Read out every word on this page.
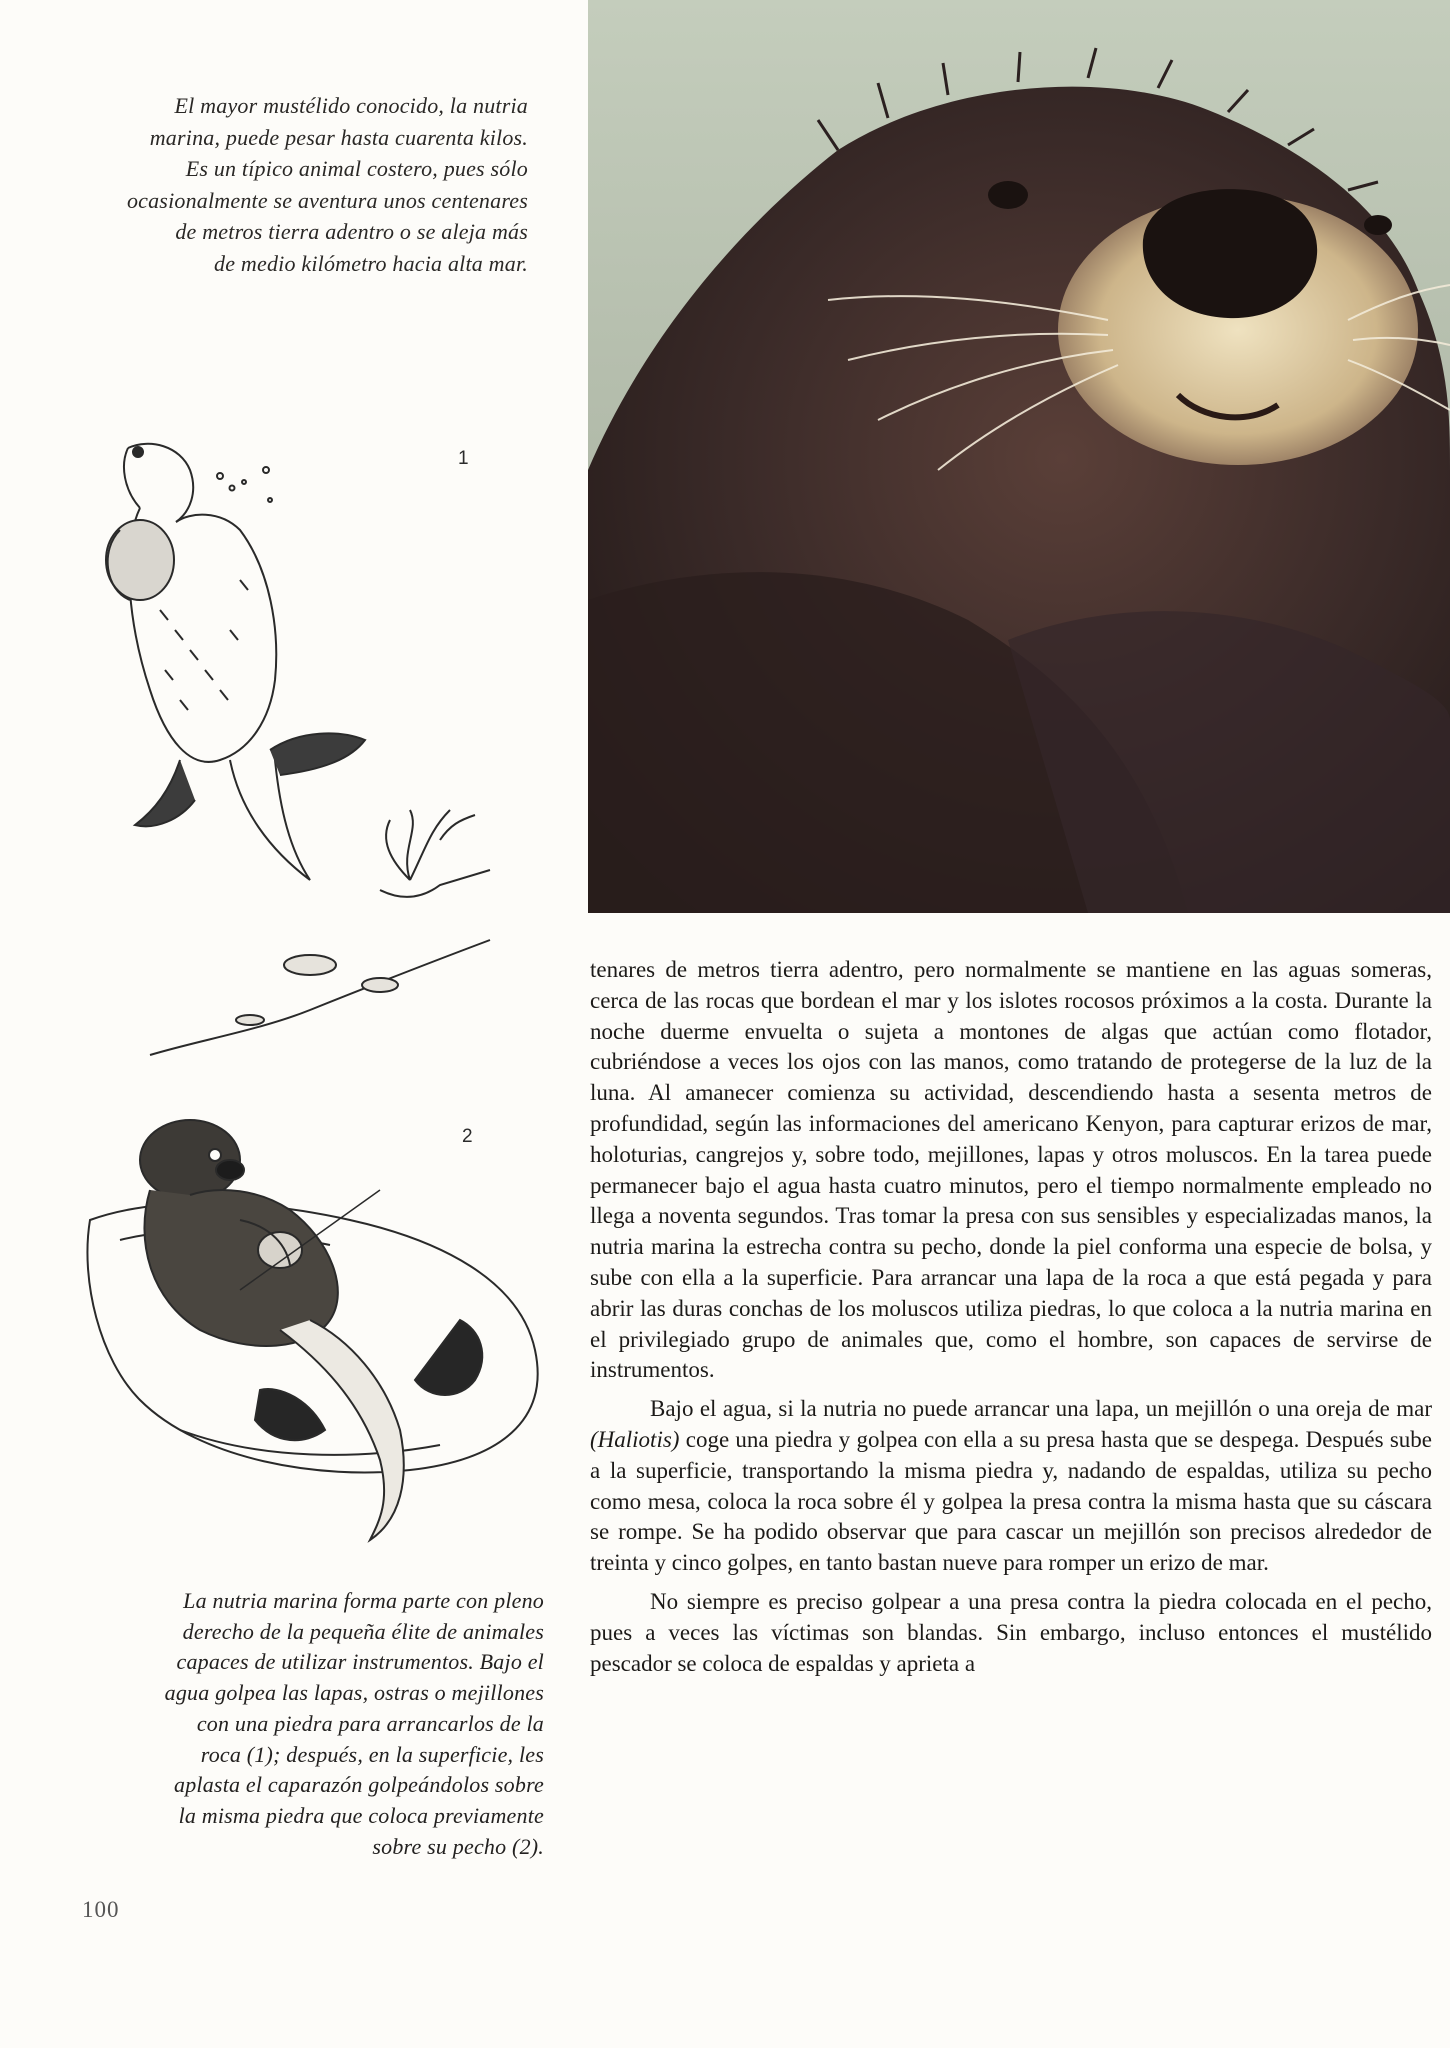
El mayor mustélido conocido, la nutria
marina, puede pesar hasta cuarenta kilos.
Es un típico animal costero, pues sólo
ocasionalmente se aventura unos centenares
de metros tierra adentro o se aleja más
de medio kilómetro hacia alta mar.
1
2
La nutria marina forma parte con pleno
derecho de la pequeña élite de animales
capaces de utilizar instrumentos. Bajo el
agua golpea las lapas, ostras o mejillones
con una piedra para arrancarlos de la
roca (1); después, en la superficie, les
aplasta el caparazón golpeándolos sobre
la misma piedra que coloca previamente
sobre su pecho (2).

tenares de metros tierra adentro, pero normalmente se mantiene en las aguas someras, cerca de las rocas que bordean el mar y los islotes rocosos próximos a la costa. Durante la noche duerme envuelta o sujeta a montones de algas que actúan como flotador, cubriéndose a veces los ojos con las manos, como tratando de protegerse de la luz de la luna. Al amanecer comienza su actividad, descendiendo hasta a sesenta metros de profundidad, según las informaciones del americano Kenyon, para capturar erizos de mar, holoturias, cangrejos y, sobre todo, mejillones, lapas y otros moluscos. En la tarea puede permanecer bajo el agua hasta cuatro minutos, pero el tiempo normalmente empleado no llega a noventa segundos. Tras tomar la presa con sus sensibles y especializadas manos, la nutria marina la estrecha contra su pecho, donde la piel conforma una especie de bolsa, y sube con ella a la superficie. Para arrancar una lapa de la roca a que está pegada y para abrir las duras conchas de los moluscos utiliza piedras, lo que coloca a la nutria marina en el privilegiado grupo de animales que, como el hombre, son capaces de servirse de instrumentos.

Bajo el agua, si la nutria no puede arrancar una lapa, un mejillón o una oreja de mar (Haliotis) coge una piedra y golpea con ella a su presa hasta que se despega. Después sube a la superficie, transportando la misma piedra y, nadando de espaldas, utiliza su pecho como mesa, coloca la roca sobre él y golpea la presa contra la misma hasta que su cáscara se rompe. Se ha podido observar que para cascar un mejillón son precisos alrededor de treinta y cinco golpes, en tanto bastan nueve para romper un erizo de mar.

No siempre es preciso golpear a una presa contra la piedra colocada en el pecho, pues a veces las víctimas son blandas. Sin embargo, incluso entonces el mustélido pescador se coloca de espaldas y aprieta a

100
